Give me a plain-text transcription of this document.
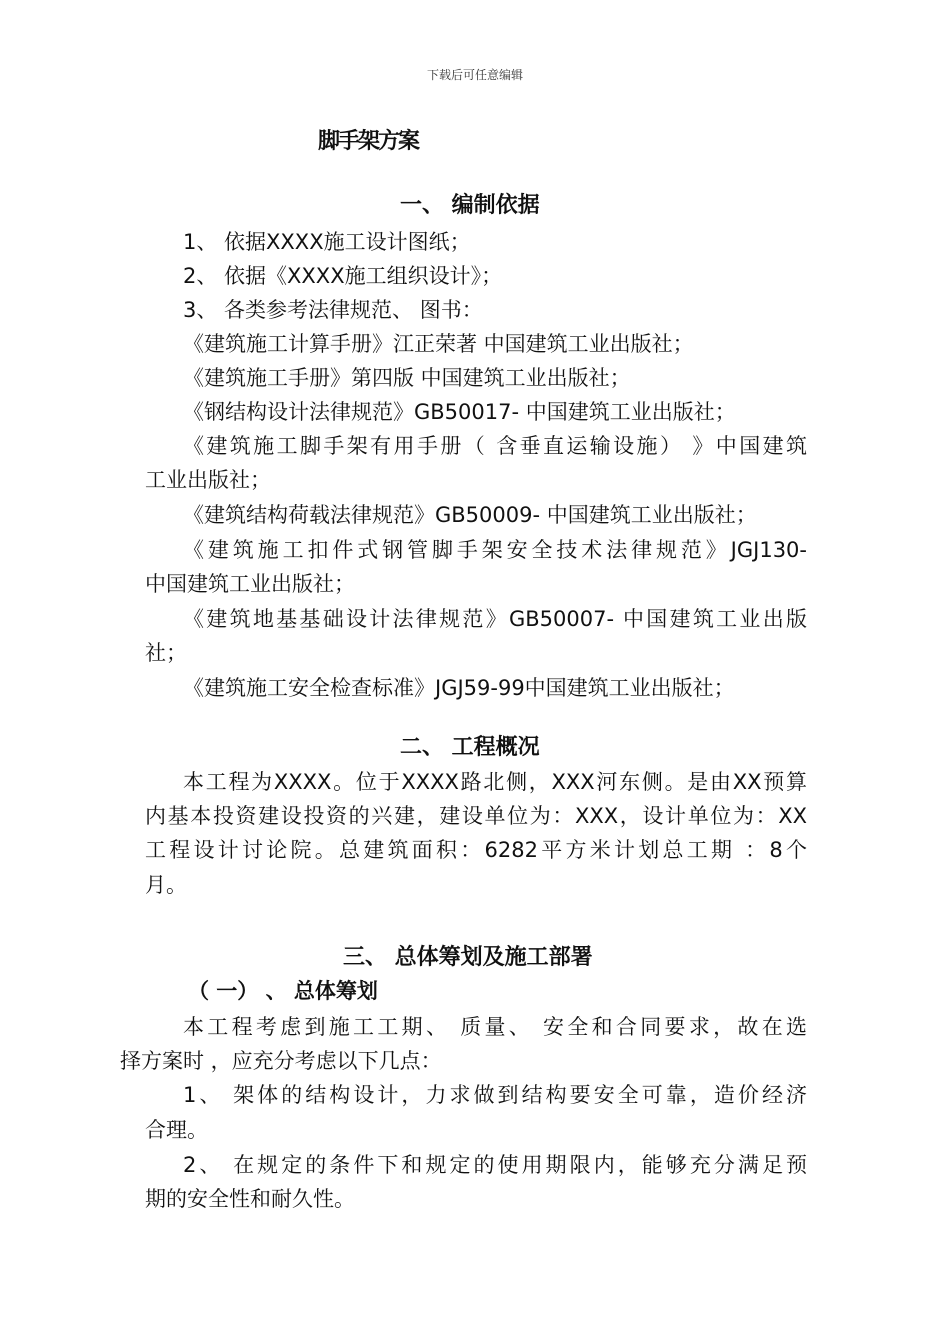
下载后可任意编辑
脚手架方案
一、 编制依据
1、 依据XXXX施工设计图纸；
2、 依据《XXXX施工组织设计》；
3、 各类参考法律规范、 图书：
《建筑施工计算手册》江正荣著 中国建筑工业出版社；
《建筑施工手册》第四版 中国建筑工业出版社；
《钢结构设计法律规范》GB50017- 中国建筑工业出版社；
《建筑施工脚手架有用手册（ 含垂直运输设施） 》中国建筑
工业出版社；
《建筑结构荷载法律规范》GB50009- 中国建筑工业出版社；
《建筑施工扣件式钢管脚手架安全技术法律规范》JGJ130-
中国建筑工业出版社；
《建筑地基基础设计法律规范》GB50007- 中国建筑工业出版
社；
《建筑施工安全检查标准》JGJ59-99中国建筑工业出版社；
二、 工程概况
本工程为XXXX。位于XXXX路北侧，XXX河东侧。是由XX预算
内基本投资建设投资的兴建，建设单位为：XXX，设计单位为：XX
工程设计讨论院。总建筑面积：6282平方米计划总工期 ：8个
月。
三、 总体筹划及施工部署
（ 一） 、 总体筹划
本工程考虑到施工工期、 质量、 安全和合同要求，故在选
择方案时 ，应充分考虑以下几点：
1、 架体的结构设计，力求做到结构要安全可靠，造价经济
合理。
2、 在规定的条件下和规定的使用期限内，能够充分满足预
期的安全性和耐久性。
